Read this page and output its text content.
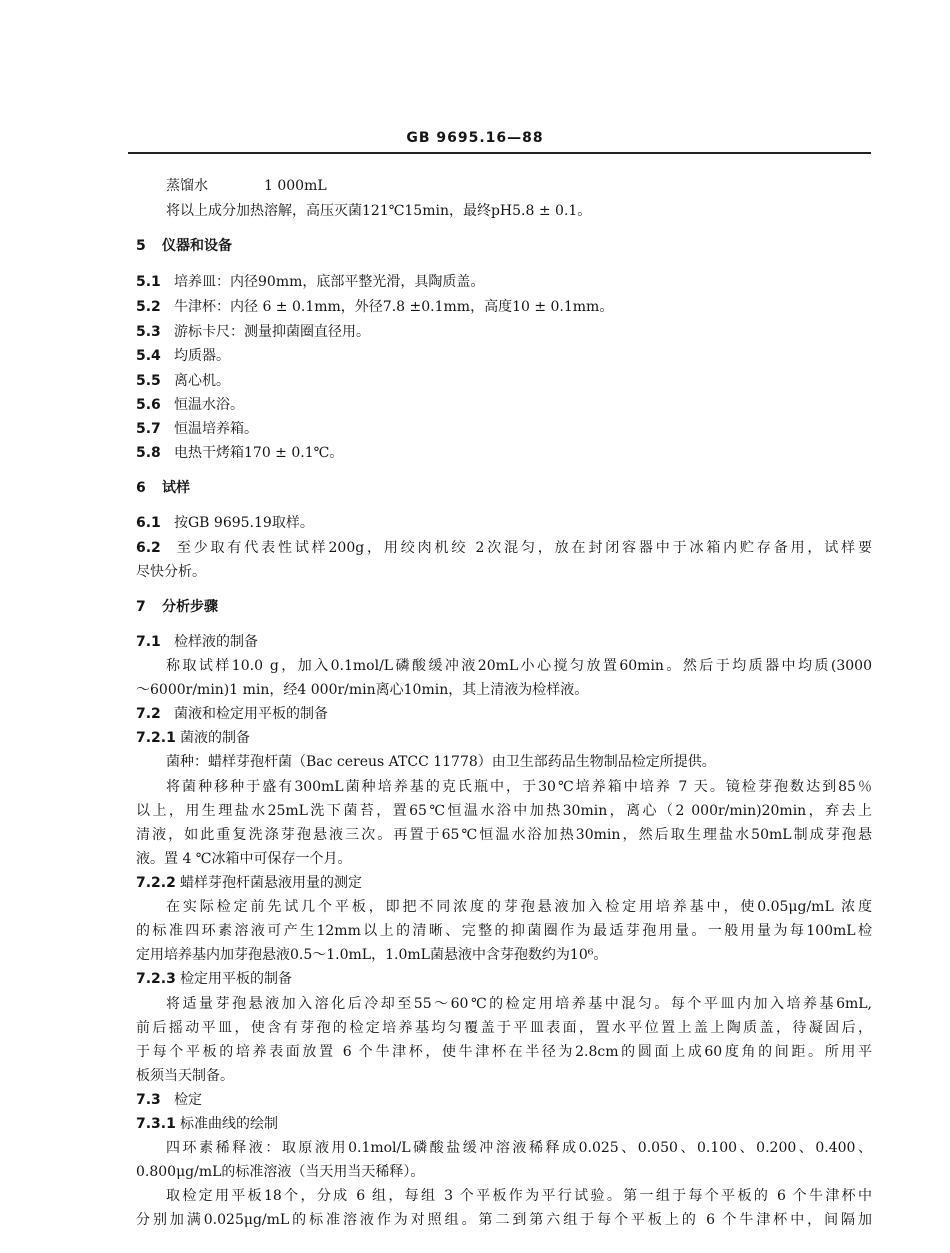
GB 9695.16—88
蒸馏水	1 000mL
将以上成分加热溶解，高压灭菌121℃15min，最终pH5.8 ± 0.1。
5 仪器和设备
5.1 培养皿：内径90mm，底部平整光滑，具陶质盖。
5.2 牛津杯：内径 6 ± 0.1mm，外径7.8 ±0.1mm，高度10 ± 0.1mm。
5.3 游标卡尺：测量抑菌圈直径用。
5.4 均质器。
5.5 离心机。
5.6 恒温水浴。
5.7 恒温培养箱。
5.8 电热干烤箱170 ± 0.1℃。
6 试样
6.1 按GB 9695.19取样。
6.2 至少取有代表性试样200g，用绞肉机绞 2次混匀，放在封闭容器中于冰箱内贮存备用，试样要
尽快分析。
7 分析步骤
7.1 检样液的制备
称取试样10.0 g，加入0.1mol/L磷酸缓冲液20mL小心搅匀放置60min。然后于均质器中均质(3000
～6000r/min)1 min，经4 000r/min离心10min，其上清液为检样液。
7.2 菌液和检定用平板的制备
7.2.1 菌液的制备
菌种：蜡样芽孢杆菌（Bac cereus ATCC 11778）由卫生部药品生物制品检定所提供。
将菌种移种于盛有300mL菌种培养基的克氏瓶中，于30℃培养箱中培养 7 天。镜检芽孢数达到85％
以上，用生理盐水25mL洗下菌苔，置65℃恒温水浴中加热30min，离心（2 000r/min)20min，弃去上
清液，如此重复洗涤芽孢悬液三次。再置于65℃恒温水浴加热30min，然后取生理盐水50mL制成芽孢悬
液。置 4 ℃冰箱中可保存一个月。
7.2.2 蜡样芽孢杆菌悬液用量的测定
在实际检定前先试几个平板，即把不同浓度的芽孢悬液加入检定用培养基中，使0.05μg/mL 浓度
的标准四环素溶液可产生12mm以上的清晰、完整的抑菌圈作为最适芽孢用量。一般用量为每100mL检
定用培养基内加芽孢悬液0.5～1.0mL，1.0mL菌悬液中含芽孢数约为10⁶。
7.2.3 检定用平板的制备
将适量芽孢悬液加入溶化后冷却至55～60℃的检定用培养基中混匀。每个平皿内加入培养基6mL,
前后摇动平皿，使含有芽孢的检定培养基均匀覆盖于平皿表面，置水平位置上盖上陶质盖，待凝固后，
于每个平板的培养表面放置 6 个牛津杯，使牛津杯在半径为2.8cm的圆面上成60度角的间距。所用平
板须当天制备。
7.3 检定
7.3.1 标准曲线的绘制
四环素稀释液：取原液用0.1mol/L磷酸盐缓冲溶液稀释成0.025、0.050、0.100、0.200、0.400、
0.800μg/mL的标准溶液（当天用当天稀释）。
取检定用平板18个，分成 6 组，每组 3 个平板作为平行试验。第一组于每个平板的 6 个牛津杯中
分别加满0.025μg/mL的标准溶液作为对照组。第二到第六组于每个平板上的 6 个牛津杯中，间隔加
